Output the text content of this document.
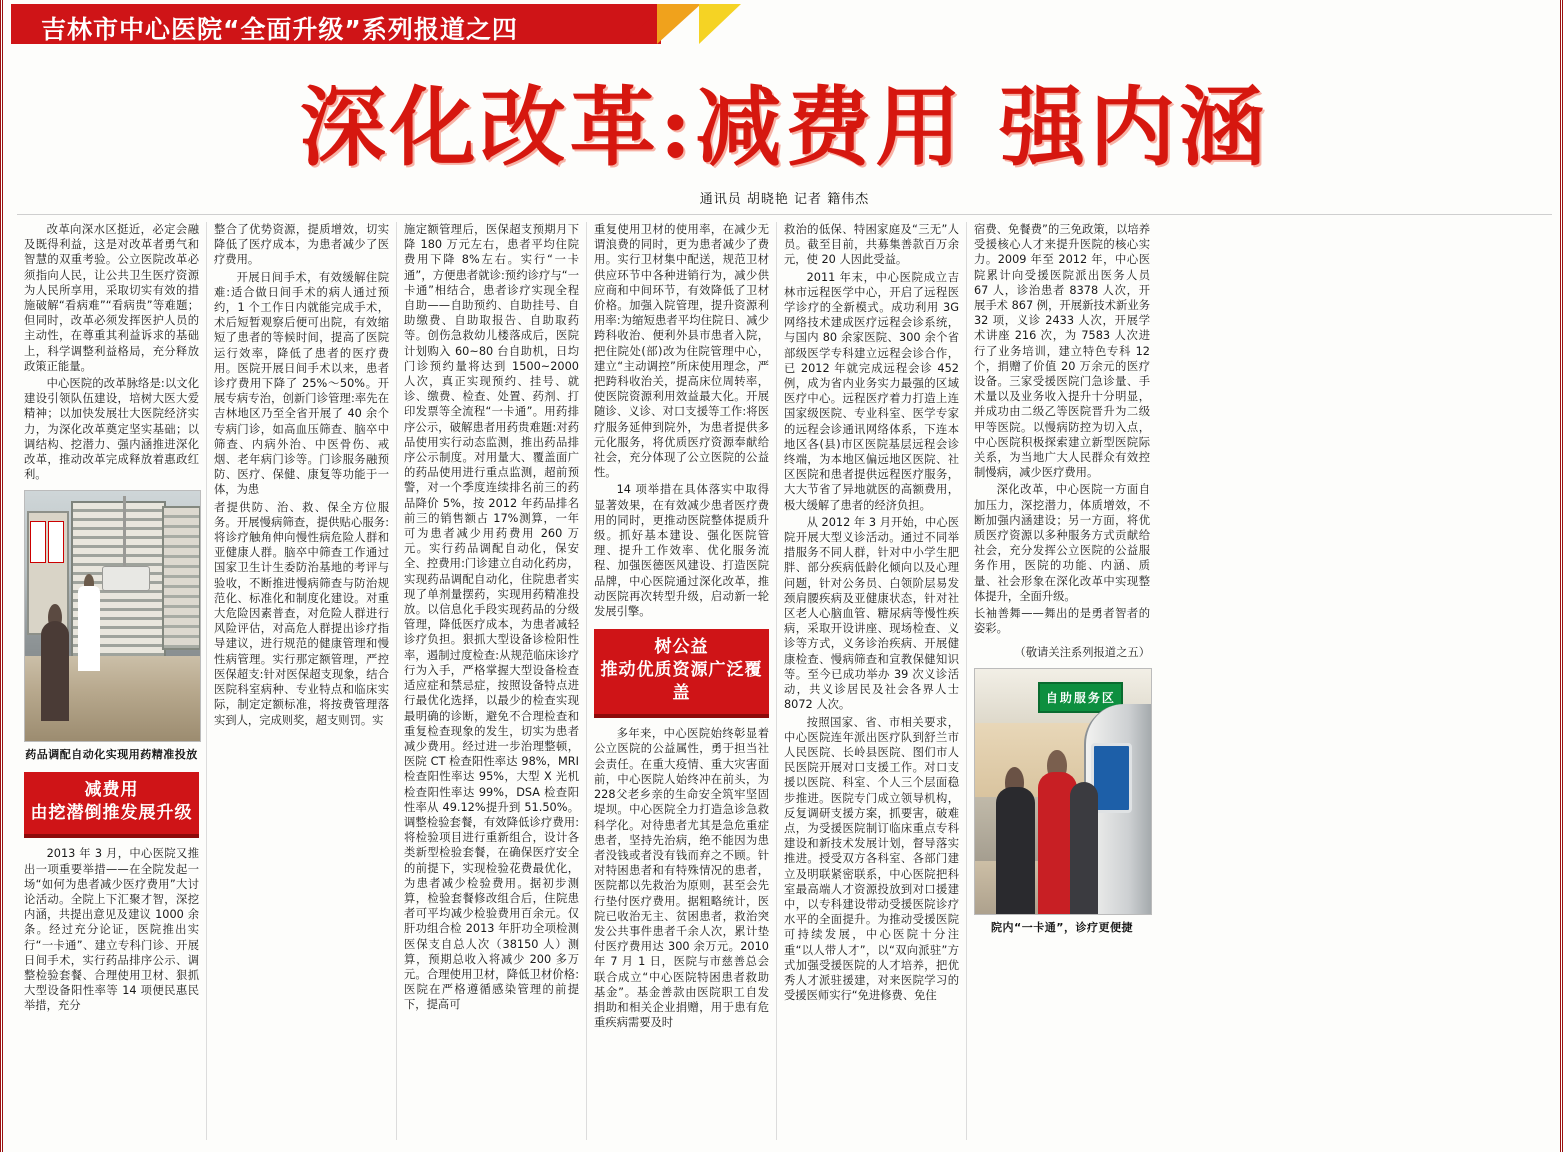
吉林市中心医院“全面升级”系列报道之四
深化改革:减费用 强内涵
通讯员 胡晓艳 记者 籍伟杰

改革向深水区挺近，必定会融及既得利益，这是对改革者勇气和智慧的双重考验。公立医院改革必须指向人民，让公共卫生医疗资源为人民所享用，采取切实有效的措施破解“看病难”“看病贵”等难题；但同时，改革必须发挥医护人员的主动性，在尊重其利益诉求的基础上，科学调整利益格局，充分释放政策正能量。

中心医院的改革脉络是:以文化建设引领队伍建设，培树大医大爱精神；以加快发展壮大医院经济实力，为深化改革奠定坚实基础；以调结构、挖潜力、强内涵推进深化改革，推动改革完成释放着惠政红利。

药品调配自动化实现用药精准投放
减费用
由挖潜倒推发展升级

2013 年 3 月，中心医院又推出一项重要举措——在全院发起一场“如何为患者减少医疗费用”大讨论活动。全院上下汇聚才智，深挖内涵，共提出意见及建议 1000 余条。经过充分论证，医院推出实行“一卡通”、建立专科门诊、开展日间手术，实行药品排序公示、调整检验套餐、合理使用卫材、狠抓大型设备阳性率等 14 项便民惠民举措，充分

整合了优势资源，提质增效，切实降低了医疗成本，为患者减少了医疗费用。

开展日间手术，有效缓解住院难:适合做日间手术的病人通过预约，1 个工作日内就能完成手术，术后短暂观察后便可出院，有效缩短了患者的等候时间，提高了医院运行效率，降低了患者的医疗费用。医院开展日间手术以来，患者诊疗费用下降了 25%～50%。开展专病专治，创新门诊管理:率先在吉林地区乃至全省开展了 40 余个专病门诊，如高血压筛查、脑卒中筛查、内病外治、中医骨伤、戒烟、老年病门诊等。门诊服务融预防、医疗、保健、康复等功能于一体，为患

者提供防、治、救、保全方位服务。开展慢病筛查，提供贴心服务:将诊疗触角伸向慢性病危险人群和亚健康人群。脑卒中筛查工作通过国家卫生计生委防治基地的考评与验收，不断推进慢病筛查与防治规范化、标准化和制度化建设。对重大危险因素普查，对危险人群进行风险评估，对高危人群提出诊疗指导建议，进行规范的健康管理和慢性病管理。实行那定额管理，严控医保超支:针对医保超支现象，结合医院科室病种、专业特点和临床实际，制定定额标准，将按费管理落实到人，完成则奖，超支则罚。实

施定额管理后，医保超支预期月下降 180 万元左右，患者平均住院费用下降 8%左右。实行“一卡通”，方便患者就诊:预约诊疗与“一卡通”相结合，患者诊疗实现全程自助——自助预约、自助挂号、自助缴费、自助取报告、自助取药等。创伤急救幼儿楼落成后，医院计划购入 60~80 台自助机，日均门诊预约量将达到 1500~2000 人次，真正实现预约、挂号、就诊、缴费、检查、处置、药剂、打印发票等全流程“一卡通”。用药排序公示，破解患者用药贵难题:对药品使用实行动态监测，推出药品排序公示制度。对用量大、覆盖面广的药品使用进行重点监测，超前预警，对一个季度连续排名前三的药品降价 5%，按 2012 年药品排名前三的销售额占 17%测算，一年可为患者减少用药费用 260 万元。实行药品调配自动化，保安全、控费用:门诊建立自动化药房，实现药品调配自动化，住院患者实现了单剂量摆药，实现用药精准投放。以信息化手段实现药品的分级管理，降低医疗成本，为患者减轻诊疗负担。狠抓大型设备诊检阳性率，遏制过度检查:从规范临床诊疗行为入手，严格掌握大型设备检查适应症和禁忌症，按照设备特点进行最优化选择，以最少的检查实现最明确的诊断，避免不合理检查和重复检查现象的发生，切实为患者减少费用。经过进一步治理整顿，医院 CT 检查阳性率达 98%，MRI 检查阳性率达 95%，大型 X 光机检查阳性率达 99%，DSA 检查阳性率从 49.12%提升到 51.50%。调整检验套餐，有效降低诊疗费用:将检验项目进行重新组合，设计各类新型检验套餐，在确保医疗安全的前提下，实现检验花费最优化，为患者减少检验费用。据初步测算，检验套餐修改组合后，住院患者可平均减少检验费用百余元。仅肝功组合检 2013 年肝功全项检测医保支自总人次（38150 人）测算，预期总收入将减少 200 多万元。合理使用卫材，降低卫材价格:医院在严格遵循感染管理的前提下，提高可

重复使用卫材的使用率，在减少无谓浪费的同时，更为患者减少了费用。实行卫材集中配送，规范卫材供应环节中各种进销行为，减少供应商和中间环节，有效降低了卫材价格。加强入院管理，提升资源利用率:为缩短患者平均住院日、减少跨科收治、便利外县市患者入院，把住院处(部)改为住院管理中心，建立“主动调控”所床使用理念，严把跨科收治关，提高床位周转率，使医院资源利用效益最大化。开展随诊、义诊、对口支援等工作:将医疗服务延伸到院外，为患者提供多元化服务，将优质医疗资源奉献给社会，充分体现了公立医院的公益性。

14 项举措在具体落实中取得显著效果，在有效减少患者医疗费用的同时，更推动医院整体提质升级。抓好基本建设、强化医院管理、提升工作效率、优化服务流程、加强医德医风建设、打造医院品牌，中心医院通过深化改革，推动医院再次转型升级，启动新一轮发展引擎。

树公益
推动优质资源广泛覆盖

多年来，中心医院始终彰显着公立医院的公益属性，勇于担当社会责任。在重大疫情、重大灾害面前，中心医院人始终冲在前头，为228父老乡亲的生命安全筑牢坚固堤坝。中心医院全力打造急诊急救科学化。对待患者尤其是急危重症患者，坚持先治病，绝不能因为患者没钱或者没有钱而弃之不顾。针对特困患者和有特殊情况的患者，医院都以先救治为原则，甚至会先行垫付医疗费用。据粗略统计，医院已收治无主、贫困患者，救治突发公共事件患者千余人次，累计垫付医疗费用达 300 余万元。2010 年 7 月 1 日，医院与市慈善总会联合成立“中心医院特困患者救助基金”。基金善款由医院职工自发捐助和相关企业捐赠，用于患有危重疾病需要及时

救治的低保、特困家庭及“三无”人员。截至目前，共募集善款百万余元，使 20 人因此受益。

2011 年末，中心医院成立吉林市远程医学中心，开启了远程医学诊疗的全新模式。成功利用 3G 网络技术建成医疗远程会诊系统，与国内 80 余家医院、300 余个省部级医学专科建立远程会诊合作，已 2012 年就完成远程会诊 452 例，成为省内业务实力最强的区域医疗中心。远程医疗着力打造上连国家级医院、专业科室、医学专家的远程会诊通讯网络体系，下连本地区各(县)市区医院基层远程会诊终端，为本地区偏远地区医院、社区医院和患者提供远程医疗服务，大大节省了异地就医的高额费用，极大缓解了患者的经济负担。

从 2012 年 3 月开始，中心医院开展大型义诊活动。通过不同举措服务不同人群，针对中小学生肥胖、部分疾病低龄化倾向以及心理问题，针对公务员、白领阶层易发颈肩腰疾病及亚健康状态，针对社区老人心脑血管、糖尿病等慢性疾病，采取开设讲座、现场检查、义诊等方式，义务诊治疾病、开展健康检查、慢病筛查和宣教保健知识等。至今已成功举办 39 次义诊活动，共义诊居民及社会各界人士 8072 人次。

按照国家、省、市相关要求，中心医院连年派出医疗队到舒兰市人民医院、长岭县医院、图们市人民医院开展对口支援工作。对口支援以医院、科室、个人三个层面稳步推进。医院专门成立领导机构，反复调研支援方案，抓要害，破难点，为受援医院制订临床重点专科建设和新技术发展计划，督导落实推进。授受双方各科室、各部门建立及明联紧密联系，中心医院把科室最高端人才资源投放到对口援建中，以专科建设带动受援医院诊疗水平的全面提升。为推动受援医院可持续发展，中心医院十分注重“以人带人才”，以“双向派驻”方式加强受援医院的人才培养，把优秀人才派驻援建，对来医院学习的受援医师实行“免进修费、免住

宿费、免餐费”的三免政策，以培养受援核心人才来提升医院的核心实力。2009 年至 2012 年，中心医院累计向受援医院派出医务人员 67 人，诊治患者 8378 人次，开展手术 867 例，开展新技术新业务 32 项，义诊 2433 人次，开展学术讲座 216 次，为 7583 人次进行了业务培训，建立特色专科 12 个，捐赠了价值 20 万余元的医疗设备。三家受援医院门急诊量、手术量以及业务收入提升十分明显，并成功由二级乙等医院晋升为二级甲等医院。以慢病防控为切入点，中心医院积极探索建立新型医院际关系，为当地广大人民群众有效控制慢病，减少医疗费用。

深化改革，中心医院一方面自加压力，深挖潜力，体质增效，不断加强内涵建设；另一方面，将优质医疗资源以多种服务方式贡献给社会，充分发挥公立医院的公益服务作用，医院的功能、内涵、质量、社会形象在深化改革中实现整体提升，全面升级。

长袖善舞——舞出的是勇者智者的姿彩。

（敬请关注系列报道之五）
自助服务区
院内“一卡通”，诊疗更便捷
